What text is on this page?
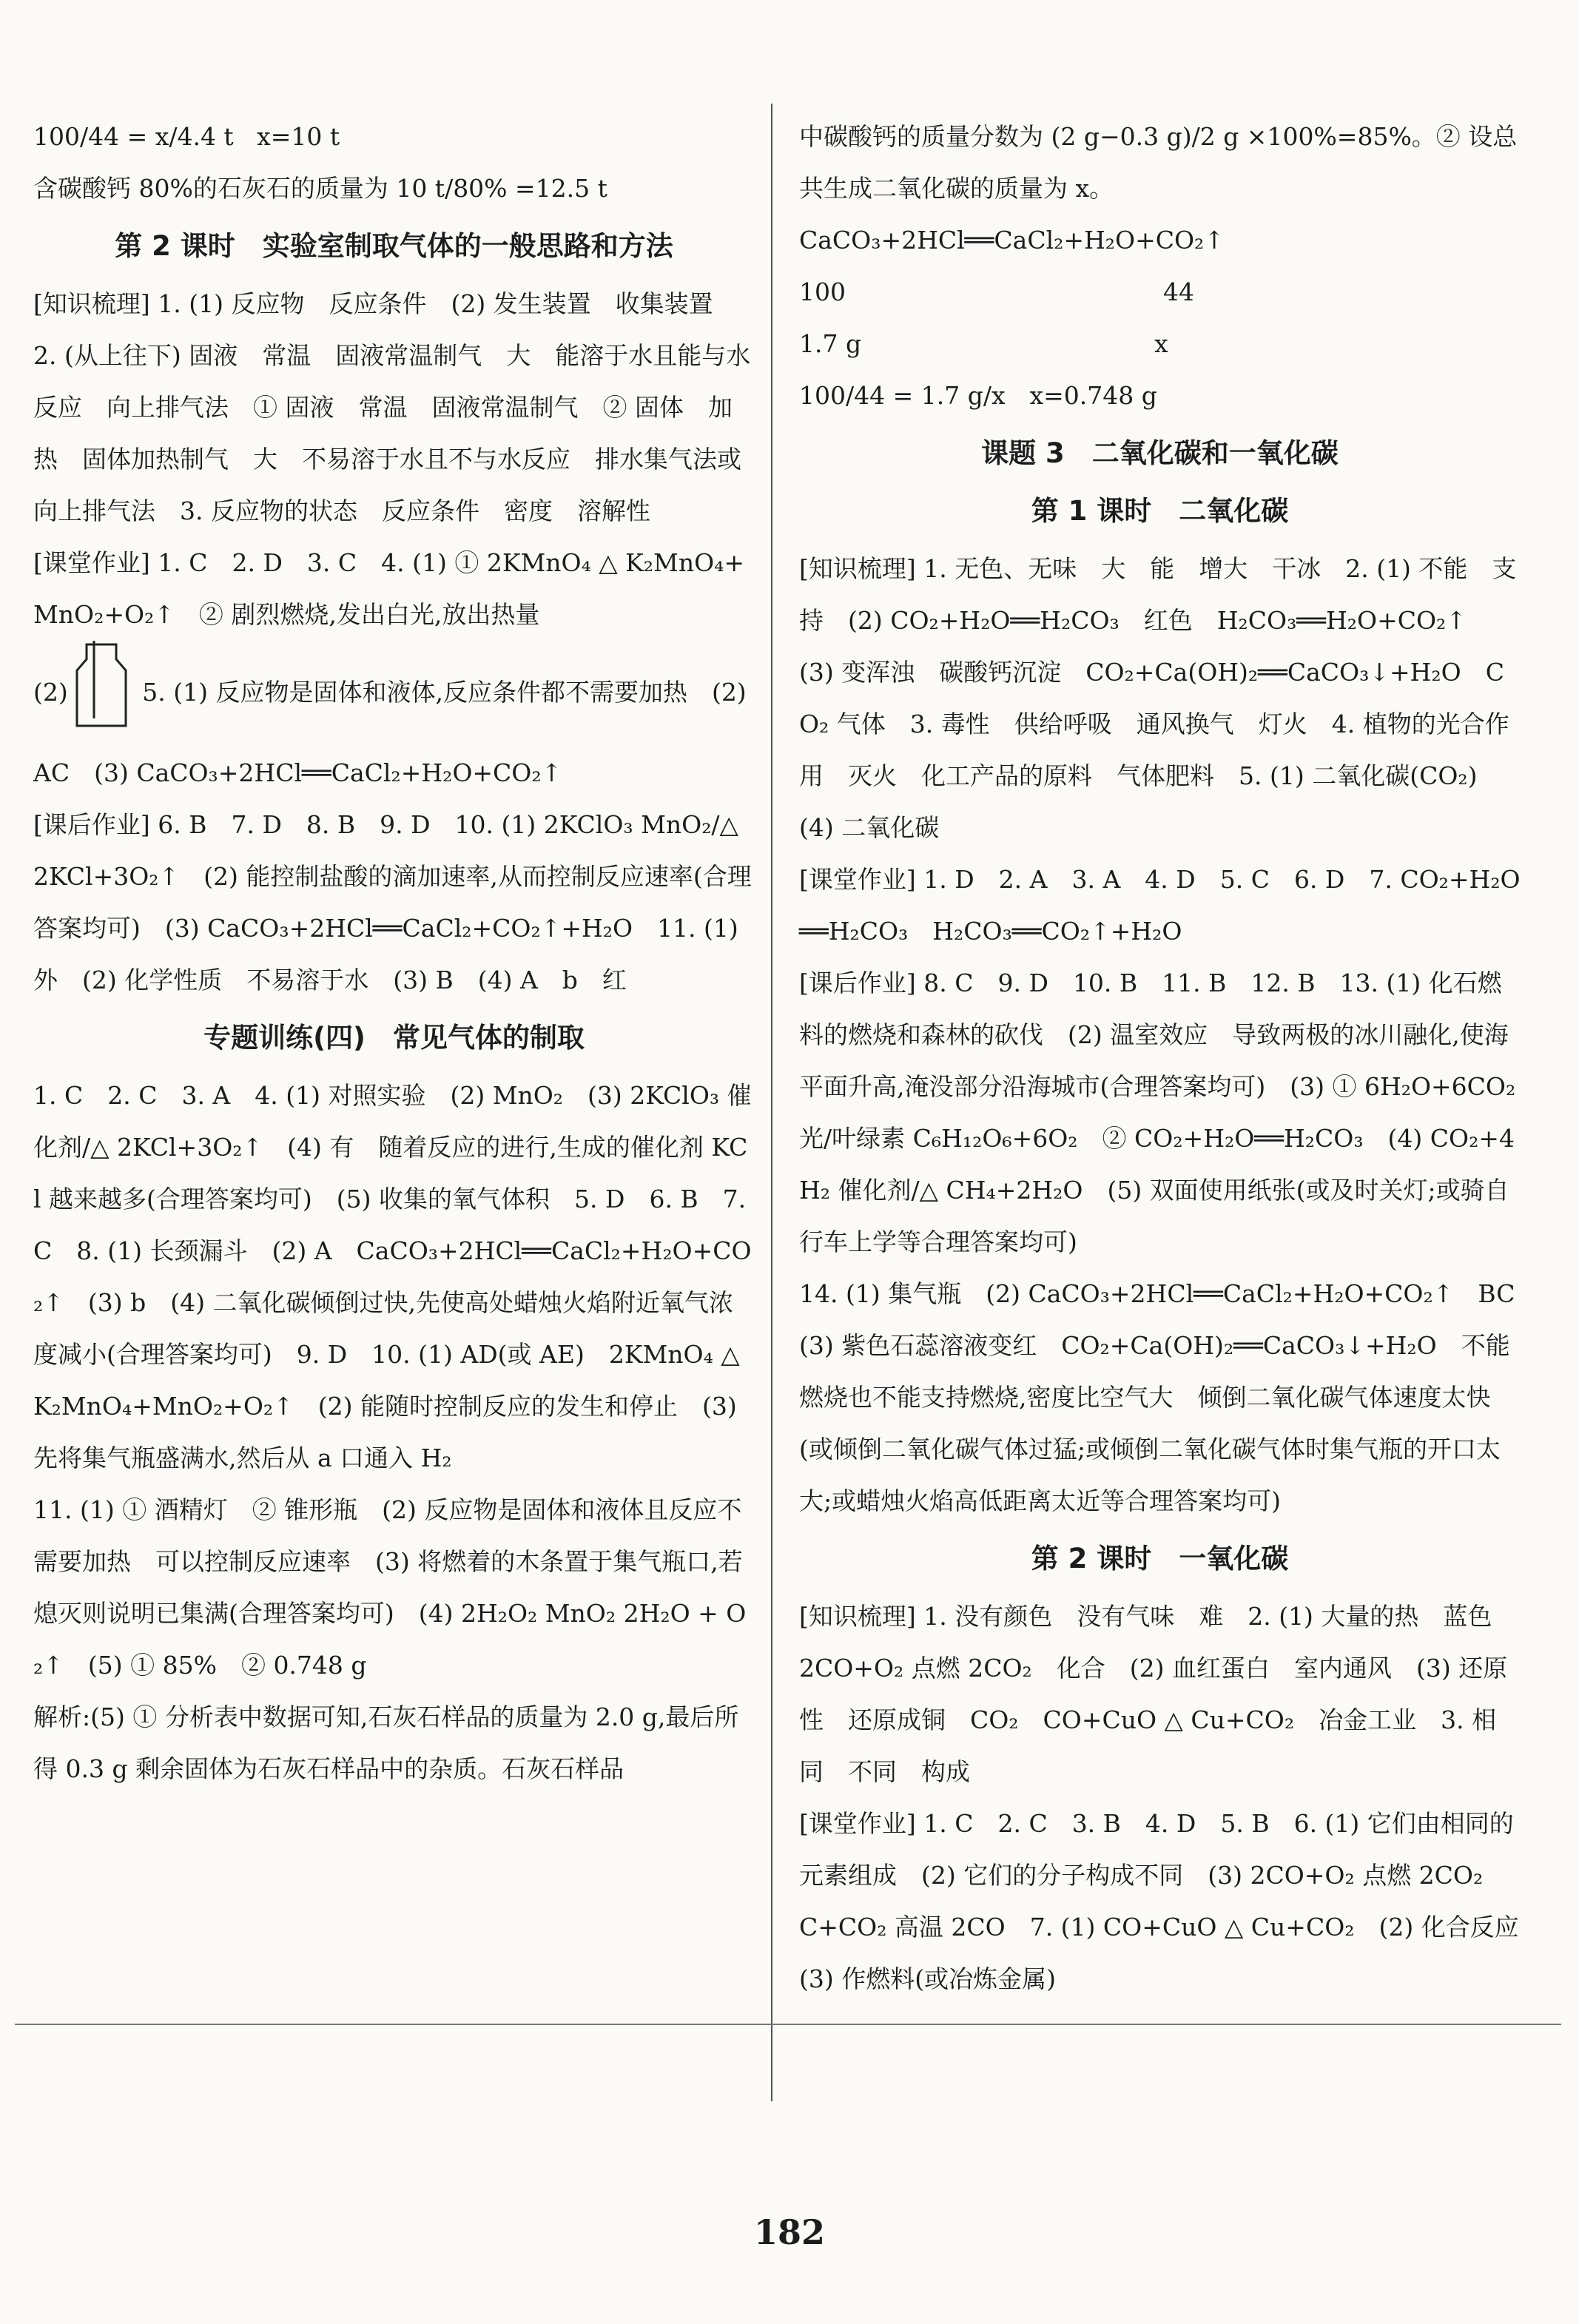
100/44 = x/4.4 t   x=10 t

含碳酸钙 80%的石灰石的质量为 10 t/80% =12.5 t

第 2 课时　实验室制取气体的一般思路和方法

[知识梳理] 1. (1) 反应物　反应条件　(2) 发生装置　收集装置　2. (从上往下) 固液　常温　固液常温制气　大　能溶于水且能与水反应　向上排气法　① 固液　常温　固液常温制气　② 固体　加热　固体加热制气　大　不易溶于水且不与水反应　排水集气法或向上排气法　3. 反应物的状态　反应条件　密度　溶解性

[课堂作业] 1. C　2. D　3. C　4. (1) ① 2KMnO₄ △ K₂MnO₄+MnO₂+O₂↑　② 剧烈燃烧,发出白光,放出热量

(2)	5. (1) 反应物是固体和液体,反应条件都不需要加热　(2) AC　(3) CaCO₃+2HCl══CaCl₂+H₂O+CO₂↑

[课后作业] 6. B　7. D　8. B　9. D　10. (1) 2KClO₃ MnO₂/△ 2KCl+3O₂↑　(2) 能控制盐酸的滴加速率,从而控制反应速率(合理答案均可)　(3) CaCO₃+2HCl══CaCl₂+CO₂↑+H₂O　11. (1) 外　(2) 化学性质　不易溶于水　(3) B　(4) A　b　红

专题训练(四)　常见气体的制取

1. C　2. C　3. A　4. (1) 对照实验　(2) MnO₂　(3) 2KClO₃ 催化剂/△ 2KCl+3O₂↑　(4) 有　随着反应的进行,生成的催化剂 KCl 越来越多(合理答案均可)　(5) 收集的氧气体积　5. D　6. B　7. C　8. (1) 长颈漏斗　(2) A　CaCO₃+2HCl══CaCl₂+H₂O+CO₂↑　(3) b　(4) 二氧化碳倾倒过快,先使高处蜡烛火焰附近氧气浓度减小(合理答案均可)　9. D　10. (1) AD(或 AE)　2KMnO₄ △ K₂MnO₄+MnO₂+O₂↑　(2) 能随时控制反应的发生和停止　(3) 先将集气瓶盛满水,然后从 a 口通入 H₂

11. (1) ① 酒精灯　② 锥形瓶　(2) 反应物是固体和液体且反应不需要加热　可以控制反应速率　(3) 将燃着的木条置于集气瓶口,若熄灭则说明已集满(合理答案均可)　(4) 2H₂O₂ MnO₂ 2H₂O + O₂↑　(5) ① 85%　② 0.748 g

解析:(5) ① 分析表中数据可知,石灰石样品的质量为 2.0 g,最后所得 0.3 g 剩余固体为石灰石样品中的杂质。石灰石样品

中碳酸钙的质量分数为 (2 g−0.3 g)/2 g ×100%=85%。② 设总共生成二氧化碳的质量为 x。

CaCO₃+2HCl══CaCl₂+H₂O+CO₂↑

100　　　　　　　　　　　　　44

1.7 g　　　　　　　　　　　　x

100/44 = 1.7 g/x　x=0.748 g

课题 3　二氧化碳和一氧化碳

第 1 课时　二氧化碳

[知识梳理] 1. 无色、无味　大　能　增大　干冰　2. (1) 不能　支持　(2) CO₂+H₂O══H₂CO₃　红色　H₂CO₃══H₂O+CO₂↑　(3) 变浑浊　碳酸钙沉淀　CO₂+Ca(OH)₂══CaCO₃↓+H₂O　CO₂ 气体　3. 毒性　供给呼吸　通风换气　灯火　4. 植物的光合作用　灭火　化工产品的原料　气体肥料　5. (1) 二氧化碳(CO₂)　(4) 二氧化碳

[课堂作业] 1. D　2. A　3. A　4. D　5. C　6. D　7. CO₂+H₂O══H₂CO₃　H₂CO₃══CO₂↑+H₂O

[课后作业] 8. C　9. D　10. B　11. B　12. B　13. (1) 化石燃料的燃烧和森林的砍伐　(2) 温室效应　导致两极的冰川融化,使海平面升高,淹没部分沿海城市(合理答案均可)　(3) ① 6H₂O+6CO₂ 光/叶绿素 C₆H₁₂O₆+6O₂　② CO₂+H₂O══H₂CO₃　(4) CO₂+4H₂ 催化剂/△ CH₄+2H₂O　(5) 双面使用纸张(或及时关灯;或骑自行车上学等合理答案均可)

14. (1) 集气瓶　(2) CaCO₃+2HCl══CaCl₂+H₂O+CO₂↑　BC　(3) 紫色石蕊溶液变红　CO₂+Ca(OH)₂══CaCO₃↓+H₂O　不能燃烧也不能支持燃烧,密度比空气大　倾倒二氧化碳气体速度太快(或倾倒二氧化碳气体过猛;或倾倒二氧化碳气体时集气瓶的开口太大;或蜡烛火焰高低距离太近等合理答案均可)

第 2 课时　一氧化碳

[知识梳理] 1. 没有颜色　没有气味　难　2. (1) 大量的热　蓝色　2CO+O₂ 点燃 2CO₂　化合　(2) 血红蛋白　室内通风　(3) 还原性　还原成铜　CO₂　CO+CuO △ Cu+CO₂　冶金工业　3. 相同　不同　构成

[课堂作业] 1. C　2. C　3. B　4. D　5. B　6. (1) 它们由相同的元素组成　(2) 它们的分子构成不同　(3) 2CO+O₂ 点燃 2CO₂　C+CO₂ 高温 2CO　7. (1) CO+CuO △ Cu+CO₂　(2) 化合反应　(3) 作燃料(或冶炼金属)

182
